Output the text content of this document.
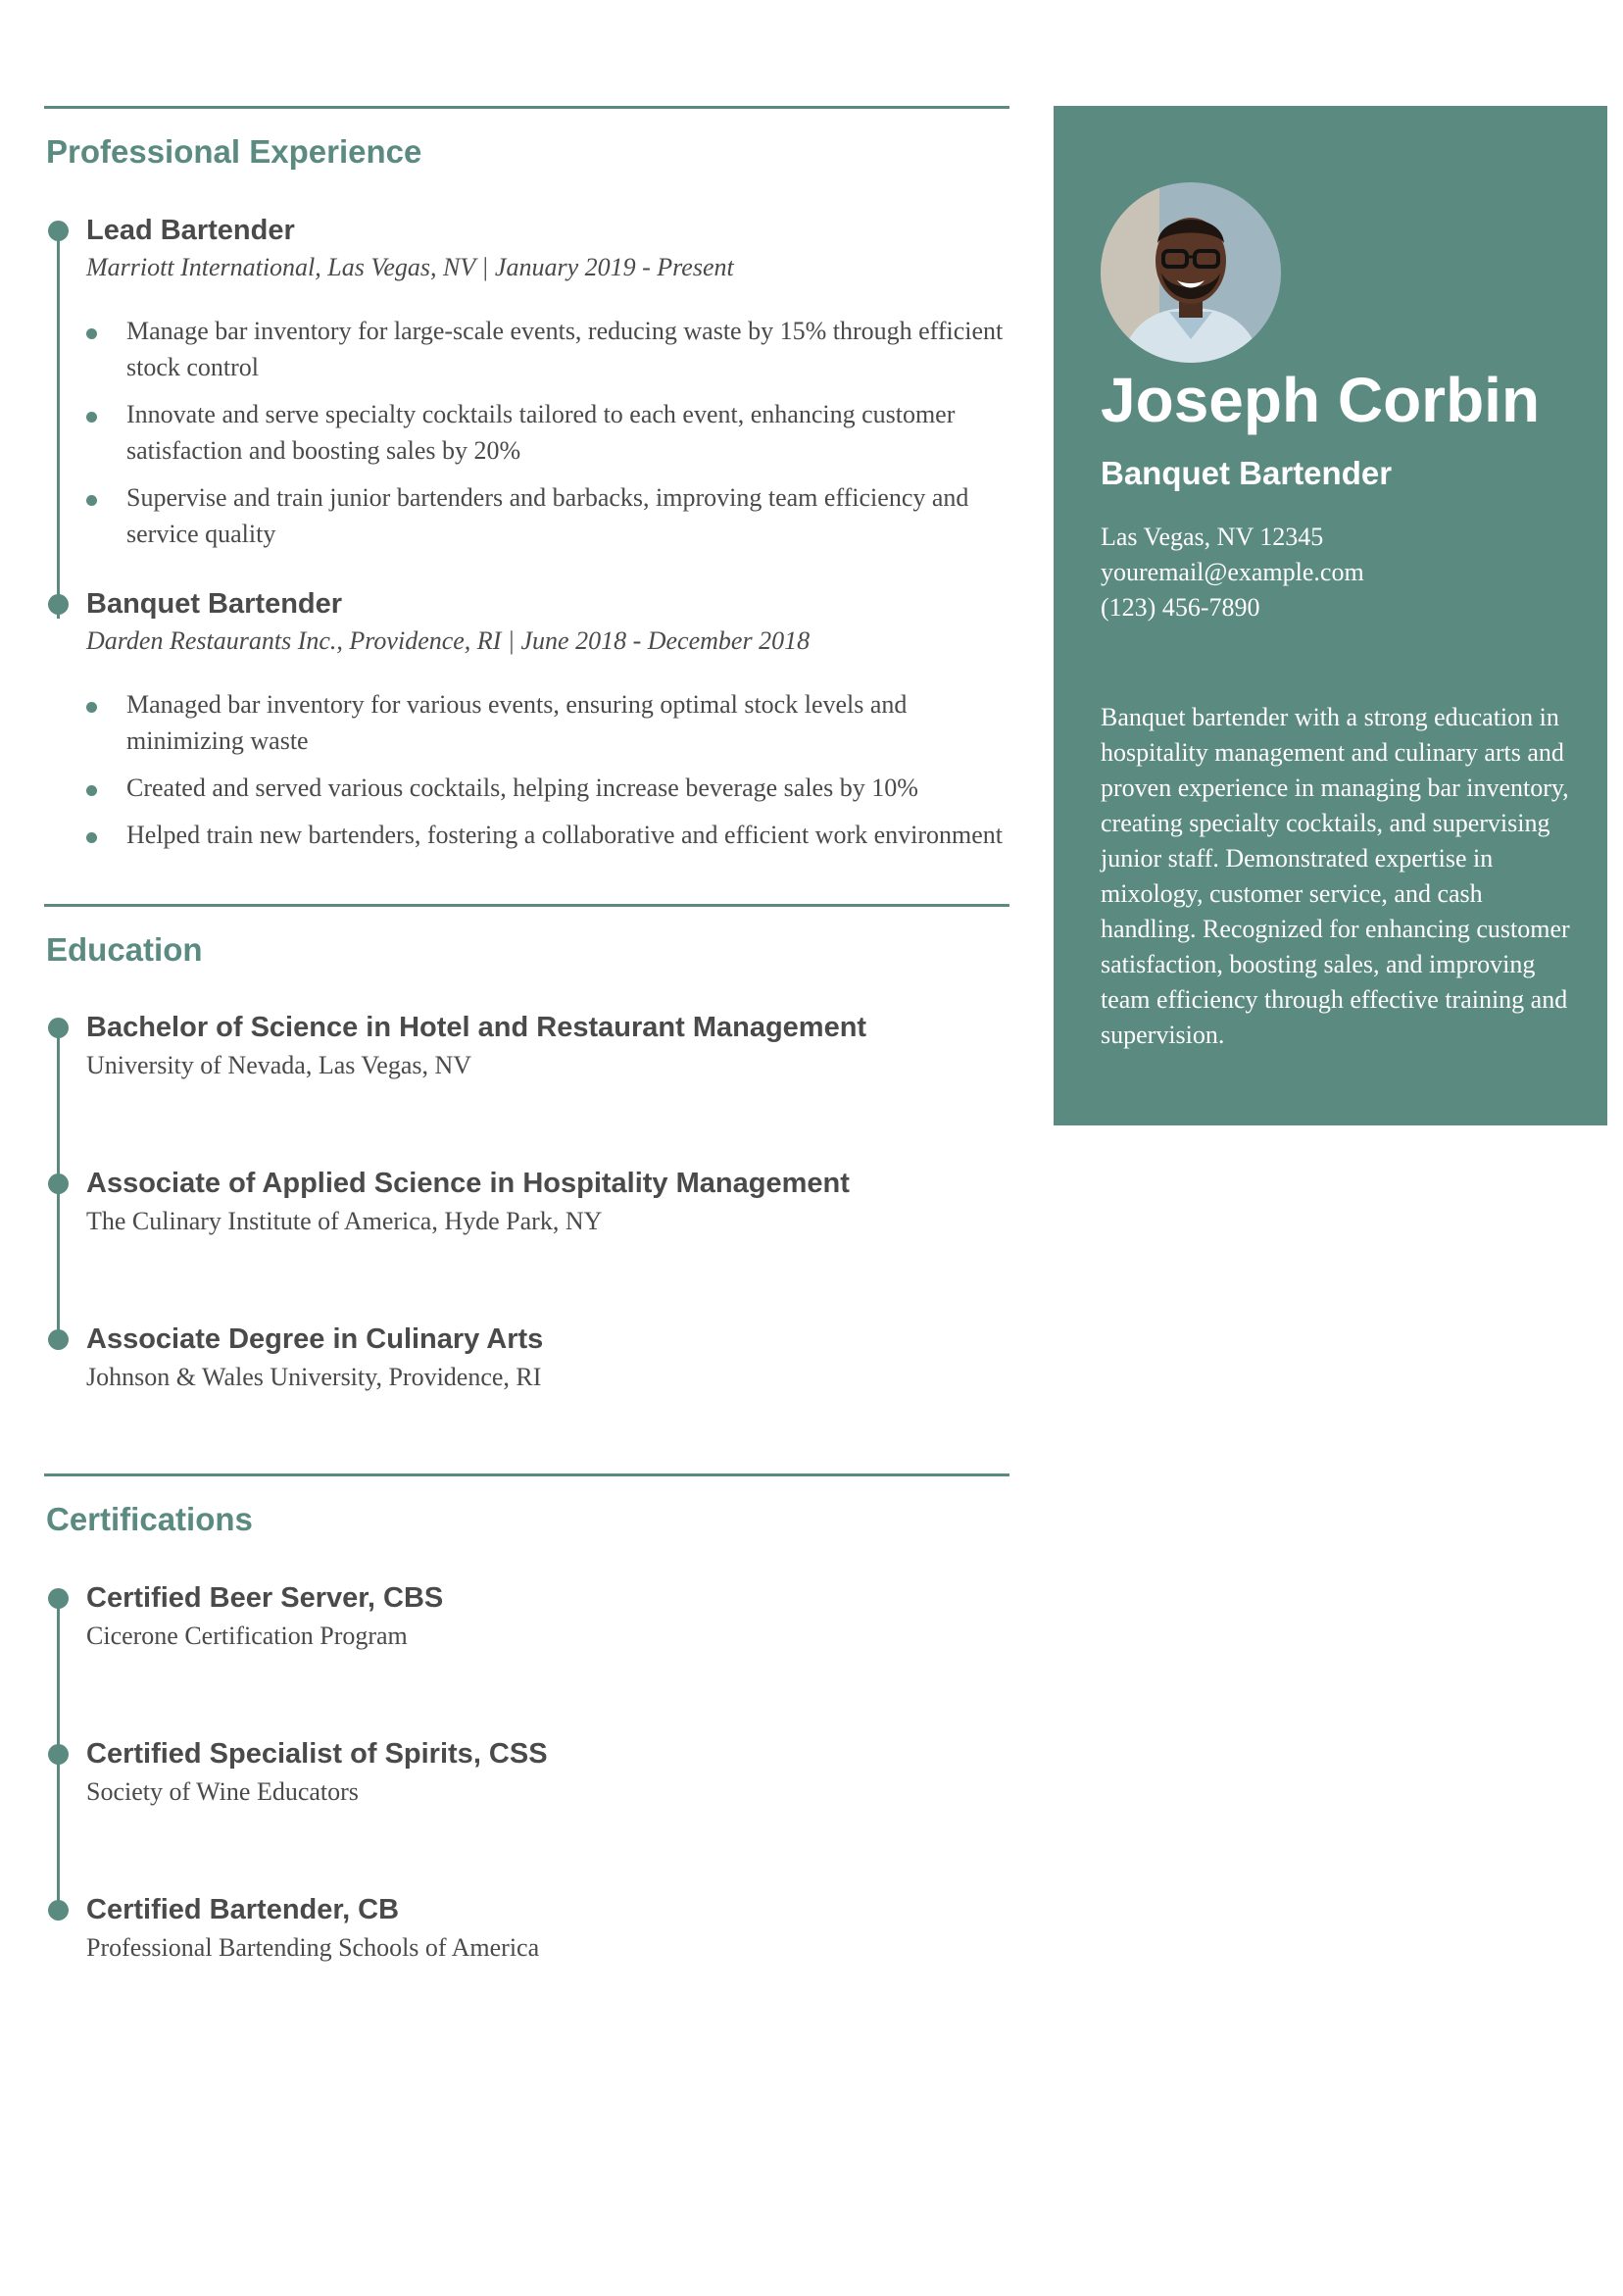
Professional Experience

Lead Bartender

Marriott International, Las Vegas, NV | January 2019 - Present

Manage bar inventory for large-scale events, reducing waste by 15% through efficient stock control
Innovate and serve specialty cocktails tailored to each event, enhancing customer satisfaction and boosting sales by 20%
Supervise and train junior bartenders and barbacks, improving team efficiency and service quality

Banquet Bartender

Darden Restaurants Inc., Providence, RI | June 2018 - December 2018

Managed bar inventory for various events, ensuring optimal stock levels and minimizing waste
Created and served various cocktails, helping increase beverage sales by 10%
Helped train new bartenders, fostering a collaborative and efficient work environment
Education

Bachelor of Science in Hotel and Restaurant Management

University of Nevada, Las Vegas, NV

Associate of Applied Science in Hospitality Management

The Culinary Institute of America, Hyde Park, NY

Associate Degree in Culinary Arts

Johnson & Wales University, Providence, RI

Certifications

Certified Beer Server, CBS

Cicerone Certification Program

Certified Specialist of Spirits, CSS

Society of Wine Educators

Certified Bartender, CB

Professional Bartending Schools of America

Joseph Corbin
Banquet Bartender
Las Vegas, NV 12345
youremail@example.com
(123) 456-7890
Banquet bartender with a strong education in hospitality management and culinary arts and proven experience in managing bar inventory, creating specialty cocktails, and supervising junior staff. Demonstrated expertise in mixology, customer service, and cash handling. Recognized for enhancing customer satisfaction, boosting sales, and improving team efficiency through effective training and supervision.
